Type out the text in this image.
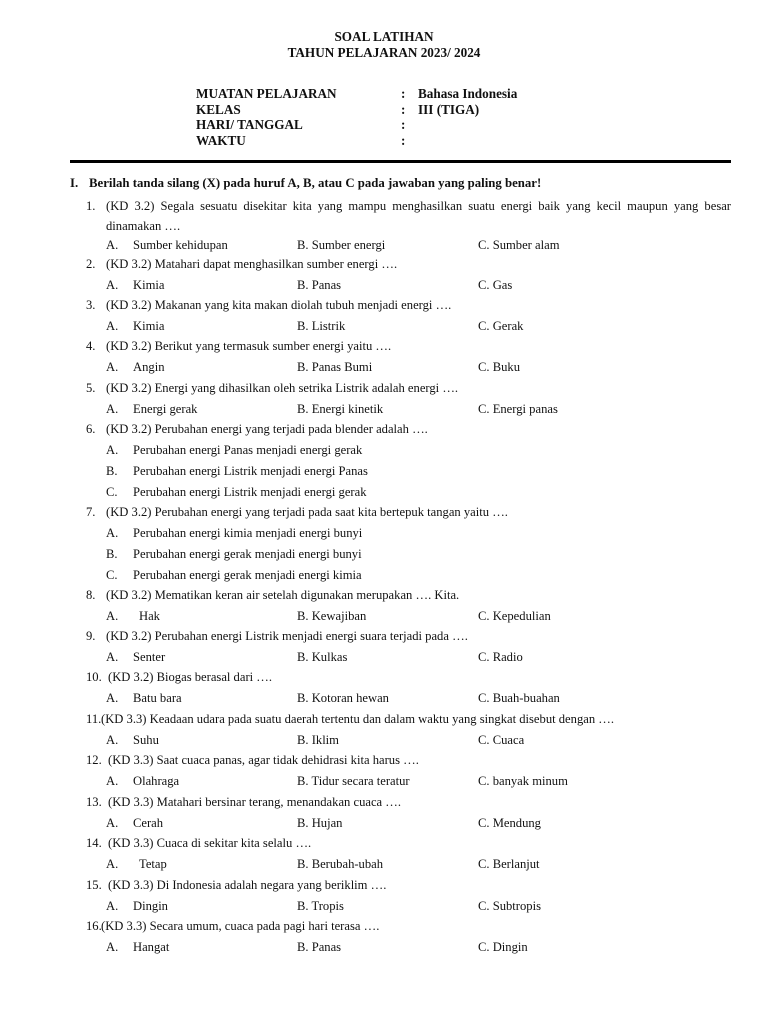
SOAL LATIHAN
TAHUN PELAJARAN 2023/ 2024
MUATAN PELAJARAN	: Bahasa Indonesia
KELAS	: III (TIGA)
HARI/ TANGGAL	:
WAKTU	:
I. Berilah tanda silang (X) pada huruf A, B, atau C pada jawaban yang paling benar!
1. (KD 3.2) Segala sesuatu disekitar kita yang mampu menghasilkan suatu energi baik yang kecil maupun yang besar dinamakan ….
A. Sumber kehidupan	B. Sumber energi	C. Sumber alam
2. (KD 3.2) Matahari dapat menghasilkan sumber energi ….
A. Kimia	B. Panas	C. Gas
3. (KD 3.2) Makanan yang kita makan diolah tubuh menjadi energi ….
A. Kimia	B. Listrik	C. Gerak
4. (KD 3.2) Berikut yang termasuk sumber energi yaitu ….
A. Angin	B. Panas Bumi	C. Buku
5. (KD 3.2) Energi yang dihasilkan oleh setrika Listrik adalah energi ….
A. Energi gerak	B. Energi kinetik	C. Energi panas
6. (KD 3.2) Perubahan energi yang terjadi pada blender adalah ….
A. Perubahan energi Panas menjadi energi gerak
B. Perubahan energi Listrik menjadi energi Panas
C. Perubahan energi Listrik menjadi energi gerak
7. (KD 3.2) Perubahan energi yang terjadi pada saat kita bertepuk tangan yaitu ….
A. Perubahan energi kimia menjadi energi bunyi
B. Perubahan energi gerak menjadi energi bunyi
C. Perubahan energi gerak menjadi energi kimia
8. (KD 3.2) Mematikan keran air setelah digunakan merupakan …. Kita.
A. Hak	B. Kewajiban	C. Kepedulian
9. (KD 3.2) Perubahan energi Listrik menjadi energi suara terjadi pada ….
A. Senter	B. Kulkas	C. Radio
10. (KD 3.2) Biogas berasal dari ….
A. Batu bara	B. Kotoran hewan	C. Buah-buahan
11. (KD 3.3) Keadaan udara pada suatu daerah tertentu dan dalam waktu yang singkat disebut dengan ….
A. Suhu	B. Iklim	C. Cuaca
12. (KD 3.3) Saat cuaca panas, agar tidak dehidrasi kita harus ….
A. Olahraga	B. Tidur secara teratur	C. banyak minum
13. (KD 3.3) Matahari bersinar terang, menandakan cuaca ….
A. Cerah	B. Hujan	C. Mendung
14. (KD 3.3) Cuaca di sekitar kita selalu ….
A. Tetap	B. Berubah-ubah	C. Berlanjut
15. (KD 3.3) Di Indonesia adalah negara yang beriklim ….
A. Dingin	B. Tropis	C. Subtropis
16. (KD 3.3) Secara umum, cuaca pada pagi hari terasa ….
A. Hangat	B. Panas	C. Dingin
